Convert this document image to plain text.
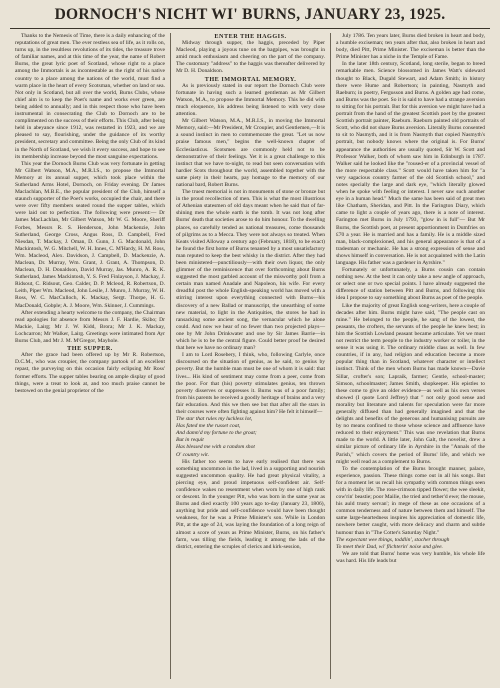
DORNOCH'S NICHT WI' BURNS, JANUARY 23, 1925.

Thanks to the Nemesis of Time, there is a daily enhancing of the reputations of great men. The ever restless sea of life, as it rolls on, turns up, in the resultless revolutions of its tides, the treasure trove of familiar names, and at this time of the year, the name of Robert Burns, the great lyric poet of Scotland, whose right to a place among the Immortals is as incontestable as the right of his native country to a place among the nations of the world, must find a warm place in the heart of every Scotsman, whether on land or sea. Not only in Scotland, but all over the world, Burns Clubs, whose chief aim is to keep the Poet's name and works ever green, are being added to annually; and in this respect those who have been instrumental in consecrating the Club to Dornoch are to be complimented on the success of their efforts. This Club, after being held in abeyance since 1912, was restarted in 1923, and we are pleased to say, flourishing, under the guidance of its worthy president, secretary and committee. Being the only Club of its kind in the North of Scotland, we wish it every success, and hope to see its membership increase beyond the most sanguine expectations.

This year the Dornoch Burns Club was very fortunate in getting Mr Gilbert Watson, M.A., M.R.I.S., to propose the Immortal Memory at its annual supper, which took place within the Sutherland Arms Hotel, Dornoch, on Friday evening. Dr James Maclachlan, M.B.E., the popular president of the Club, himself a staunch supporter of the Poet's works, occupied the chair, and there were over fifty members seated round the supper tables, which were laid out to perfection. The following were present:— Dr James MacLachlan, Mr Gilbert Watson, Mr W. G. Moore, Sheriff Forbes, Messrs R. S. Henderson, John Mackenzie, John Sutherland, George Cross, Angus Ross, D. Campbell, Fred Niesdan, T. Mackay, J. Oman, D. Gunn, J. G. Macdonald, John Mackintosh, W. G. Mitchell, W. H. Innes, C. M'Hardy, H. M. Ross, Wm. Macleod, Alex. Davidson, J. Campbell, D. Mackenzie, A. Maclean, Dr. Murray, Wm. Grant, J. Grant, A. Thompson, D. Maclean, D. H. Donaldson, David Murray, Jas. Munro, A. R. K. Sutherland, James Mackintosh, Y. S. Fred Finlayson, J. Mackay, J. Ridsout, C. Ridsout, Geo. Calder, D. P. Mcleod, R. Robertson, D. Leith, Piper Wm. Macleod, John Lesile, J. Munro, J. Murray, W. H. Ross, W. C. MacCulloch, K. Mackay, Sergt. Thorpe, H. G. MacDonald, Gobple; A. J. Moore, Wm. Skinner, J. Cummings.

After extending a hearty welcome to the company, the Chairman read apologies for absence from Messrs J. F. Hardie, Skibo; Dr Mackie, Lairg; Mr J. W. Kidd, Brora; Mr J. K. Mackay, Lochcarron; Mr Walker, Lairg. Greetings were intimated from Ayr Burns Club, and Mr J. M. M'Gregor, Mayhole.

THE SUPPER.

After the grace had been offered up by Mr R. Robertson, D.C.M., who was croupier, the company partook of an excellent repast, the purveying on this occasion fairly eclipsing Mr Ross' former efforts. The supper tables bearing on ample display of good things, were a treat to look at, and too much praise cannot be bestowed on the genial proprietor of the

ENTER THE HAGGIS.

Midway through supper, the haggis, preceded by Piper Macleod, playing a joyous tune on the bagpipes, was brought in amid much enthusiasm and cheering on the part of the company. The customary "address" to the haggis was thereafter delivered by Mr D. H. Donaldson.

THE IMMORTAL MEMORY.

As is previously stated in our report the Dornoch Club were fortunate in having such a learned gentleman as Mr Gilbert Watson, M.A., to propose the Immortal Memory. This he did with much eloquence, his address being listened to with very close attention.

Mr Gilbert Watson, M.A., M.R.I.S., in moving the Immortal Memory, said:—Mr President, Mr Croupier, and Gentlemen,—It is a sound instinct in men to commemorate the great. "Let us now praise famous men," begins the well-known chapter of Ecclesiasticus. Scotsmen are commonly held not to be demonstrative of their feelings. Yet it is a great challenge to this instinct that we have to-night, to read but seen conversation with hardier Scots throughout the world, assembled together with the same piety in their hearts, pay homage to the memory of our national bard, Robert Burns.

The truest memorial is not in monuments of stone or bronze but in the proud recollection of men. This is what the most illustrious of Athenian statesmen of old days meant when he said that of far-shining men the whole earth is the tomb. It was not long after Burns' death that societies arose to do him honour. To the dwelling places, so carefully tended as national treasures, come thousands of pilgrims as to a Mecca. They were not always so treated. When Keats visited Alloway a century ago (February, 1818), to be exact) he found the first home of Burns tenanted by a most unsatisfactory man reputed to keep the best whisky in the district. After they had been ministered—punctiliously—with their own liquor, the only glimmer of the reminiscence that over forthcoming about Burns suggested the most garbled account of the misworthy poll from a certain man named Anadale and Napoleon, his wife. For every dreadful post the whole English-speaking world has moved with a stirring interest upon everything connected with Burns—his discovery of a new Ballad or manuscript, the unearthing of some new material, to light in the Antiquities, the stores he had in ransacking some ancient song, the vernacular which he alone could. And now we hear of no fewer than two projected plays—one by Mr John Drinkwater and one by Sir James Barrie—in which he is to be the central figure. Could better proof be desired that here we have no ordinary man?

I am to Lord Rosebery, I think, who, following Carlyle, once discoursed on the situation of genius, as he said, to genius by poverty. But the humble man must be one of whom it is said: that lives... His kind of sentiment may come from a peer, come from the poor. For that (his) poverty stimulates genius, ten thrown poverty disserves or suppresses it. Burns was of a poor family; from his parents he received a goodly heritage of brains and a very fair education. And this we then see but that after all the stars in their courses were often fighting against him? He felt it himself—

The star that rules my luckless lot,
Has fated me the russet coat,
And damn'd my fortune to the groat;
But in requit
Has blessed me with a random shot
O' country wit.

His father too seems to have early realised that there was something uncommon in the lad, lived in a supporting and nourish suggested uncommon quality. He had great physical vitality, a piercing eye, and proud impetuous self-confident air. Self-confidence wakes no resentment when worn by one of high rank or descent. In the younger Pitt, who was born in the same year as Burns and died exactly 100 years ago to-day (January 23, 1806), anything but pride and self-confidence would have been thought weakness, for he was a Prime Minister's son. While in London Pitt, at the age of 24, was laying the foundation of a long reign of almost a score of years as Prime Minister, Burns, on his father's farm, was tilling the fields, leading it among the lads of the district, entering the scruples of clerics and kirk-session,

July 1786. Ten years later, Burns died broken in heart and body, a humble exciseman; ten years after that, also broken in heart and body, died Pitt, Prime Minister. The exciseman is better than the Prime Minister has a niche in the Temple of Fame.

In the later 18th century, Scotland, long sterile, began to breed remarkable men. Science blossomed in James Watt's sideward thought to Black, Dugald Stewart, and Adam Smith; in history there were Hume and Robertson; in painting, Nasmyth and Raeburn; in poetry, Fergusson and Burns. A golden age had come, and Burns was the poet. So it is said to have had a strange aversion to sitting for his portrait. But for this aversion we might have had a portrait from the hand of the greatest Scottish poet by the greatest Scottish portrait painter, Raeburn. Raeburn painted old portraits of Scott, who did not share Burns aversion. Literally Burns consented to sit to Nasmyth, and it is from Nasmyth that copied Nasmyth's portrait, but nobody knows where the original is. For Burns' appearance the authorities are usually quoted, Sir W. Scott and Professor Walker, both of whom saw him in Edinburgh in 1787. Walker said he looked like the "roused-er of a provincial vessel of the more respectable class." Scott would have taken him for "a very sagacious country farmer of the old Scottish school," and notes specially the large and dark eye, "which literally glowed when he spoke with feeling or interest. I never saw such another eye in a human head." Much the same has been said of great men like Chatham, Sheridan, and Pitt. In the Farington Diary, which came to light a couple of years ago, there is a note of interest. Farington met Burns in July 1793, "glow in is full"— But Mr Burns, the Scottish poet, at present apportionment in Dumfries on £70 a year. He is married and has a family. He is a middle sized man, black-complexioned, and his general appearance is that of a tradesman or mechanic. He has a strong expression of sense and shows himself in conversation. He is not acquainted with the Latin language. His father was a gardener in Ayrshire."

Fortunately or unfortunately, a Burns cousin can contain nothing new. At the best it can only take a new angle of approach, or select one or two special points. I have already suggested the difference of station between Pitt and Burns, and following this idea I propose to say something about Burns as poet of the people.

Like the majority of great English song-writers, here a couple of decades after him. Burns might have said, "The people cast on mine." He belonged to the people, he sang of the lowest, the peasants, the crofters, the servants of the people he knew best; in him the Scottish Lowland peasant became articulate. Yet we must not restrict the term people to the industry worker or toiler, in the sense it was using it. The ordinary middle class as well. In few countries, if in any, had religion and education become a more popular thing than in Scotland, whatever character or intellect instinct. Think of the men whom Burns has made known—Davie Sillar, crofter's son; Lapraik, farmer; Gentle, school-master; Simson, schoolmaster; James Smith, shopkeeper. His epistles to these come to give an older evidence—as well as his own verses showed (I quote Lord Jeffrey) that " not only good sense and morality but literature and talents for speculation were far more generally diffused than had generally imagined and that the delights and benefits of the generous and humanising pursuits are by no means confined to those whose science and affluence have reduced to their enjoyment." This was one revelation that Burns made to the world. A little later, John Galt, the novelist, drew a similar picture of ordinary life in Ayrshire in the "Annals of the Parish," which covers the period of Burns' life, and which we might well read as a complement to Burns.

To the contemplation of the Burns brought manner, palace, experience, passion. These things come out in all his songs. But for a moment let us recall his sympathy with common things seen with in daily life. The rose-crimson tipped flower; the wee sleekit, cow'rin' beastie; poor Mailie, the tried and tether'd ewe; the mouse, his auld trusty servan'; in mege of these as one occasions of a common tenderness and of nature between them and himself. The same large-heartedness inspires his appreciation of domestic life, nowhere better caught, with more delicacy and charm and subtle humour than in "The Cotter's Saturday Night."

The expectant wee things, toddlin', stacher through
To meet their Dad, wi' flichterin' noise and glee.

We are told that Burns' home was very humble, his whole life was hard. His life leads but
